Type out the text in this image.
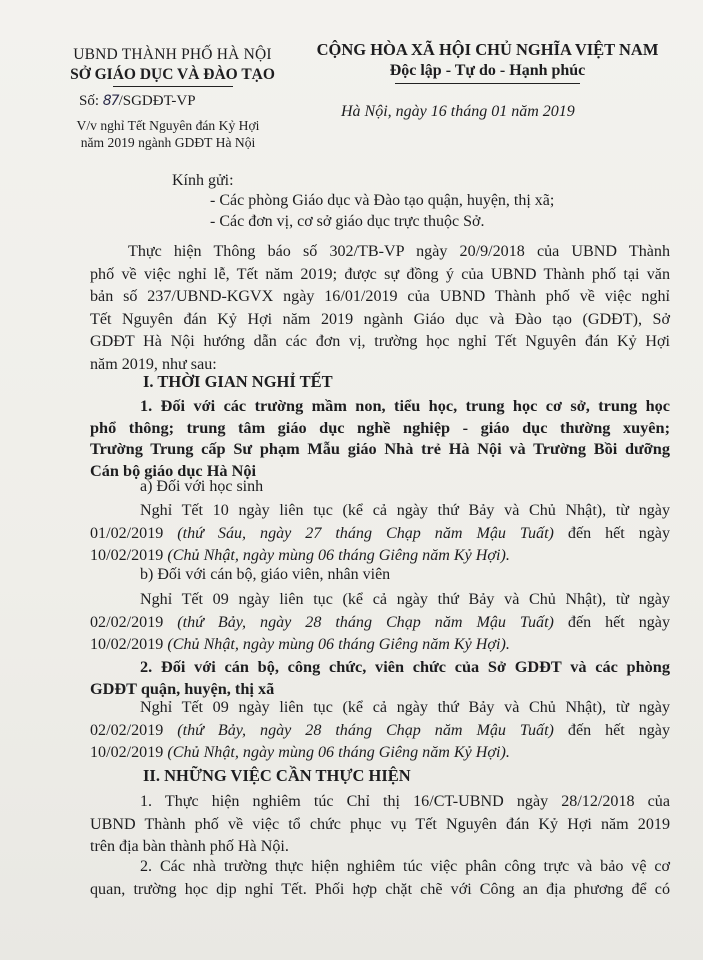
UBND THÀNH PHỐ HÀ NỘI
SỞ GIÁO DỤC VÀ ĐÀO TẠO
CỘNG HÒA XÃ HỘI CHỦ NGHĨA VIỆT NAM
Độc lập - Tự do - Hạnh phúc
Số: 87/SGDĐT-VP
Hà Nội, ngày 16 tháng 01 năm 2019
V/v nghỉ Tết Nguyên đán Kỷ Hợi
năm 2019 ngành GDĐT Hà Nội
Kính gửi:
- Các phòng Giáo dục và Đào tạo quận, huyện, thị xã;
- Các đơn vị, cơ sở giáo dục trực thuộc Sở.
Thực hiện Thông báo số 302/TB-VP ngày 20/9/2018 của UBND Thành
phố về việc nghỉ lễ, Tết năm 2019; được sự đồng ý của UBND Thành phố tại văn
bản số 237/UBND-KGVX ngày 16/01/2019 của UBND Thành phố về việc nghỉ
Tết Nguyên đán Kỷ Hợi năm 2019 ngành Giáo dục và Đào tạo (GDĐT), Sở
GDĐT Hà Nội hướng dẫn các đơn vị, trường học nghỉ Tết Nguyên đán Kỷ Hợi
năm 2019, như sau:
I. THỜI GIAN NGHỈ TẾT
1. Đối với các trường mầm non, tiểu học, trung học cơ sở, trung học
phổ thông; trung tâm giáo dục nghề nghiệp - giáo dục thường xuyên;
Trường Trung cấp Sư phạm Mẫu giáo Nhà trẻ Hà Nội và Trường Bồi dưỡng
Cán bộ giáo dục Hà Nội
a) Đối với học sinh
Nghỉ Tết 10 ngày liên tục (kể cả ngày thứ Bảy và Chủ Nhật), từ ngày
01/02/2019 (thứ Sáu, ngày 27 tháng Chạp năm Mậu Tuất) đến hết ngày
10/02/2019 (Chủ Nhật, ngày mùng 06 tháng Giêng năm Kỷ Hợi).
b) Đối với cán bộ, giáo viên, nhân viên
Nghỉ Tết 09 ngày liên tục (kể cả ngày thứ Bảy và Chủ Nhật), từ ngày
02/02/2019 (thứ Bảy, ngày 28 tháng Chạp năm Mậu Tuất) đến hết ngày
10/02/2019 (Chủ Nhật, ngày mùng 06 tháng Giêng năm Kỷ Hợi).
2. Đối với cán bộ, công chức, viên chức của Sở GDĐT và các phòng
GDĐT quận, huyện, thị xã
Nghỉ Tết 09 ngày liên tục (kể cả ngày thứ Bảy và Chủ Nhật), từ ngày
02/02/2019 (thứ Bảy, ngày 28 tháng Chạp năm Mậu Tuất) đến hết ngày
10/02/2019 (Chủ Nhật, ngày mùng 06 tháng Giêng năm Kỷ Hợi).
II. NHỮNG VIỆC CẦN THỰC HIỆN
1. Thực hiện nghiêm túc Chỉ thị 16/CT-UBND ngày 28/12/2018 của
UBND Thành phố về việc tổ chức phục vụ Tết Nguyên đán Kỷ Hợi năm 2019
trên địa bàn thành phố Hà Nội.
2. Các nhà trường thực hiện nghiêm túc việc phân công trực và bảo vệ cơ
quan, trường học dịp nghỉ Tết. Phối hợp chặt chẽ với Công an địa phương để có
